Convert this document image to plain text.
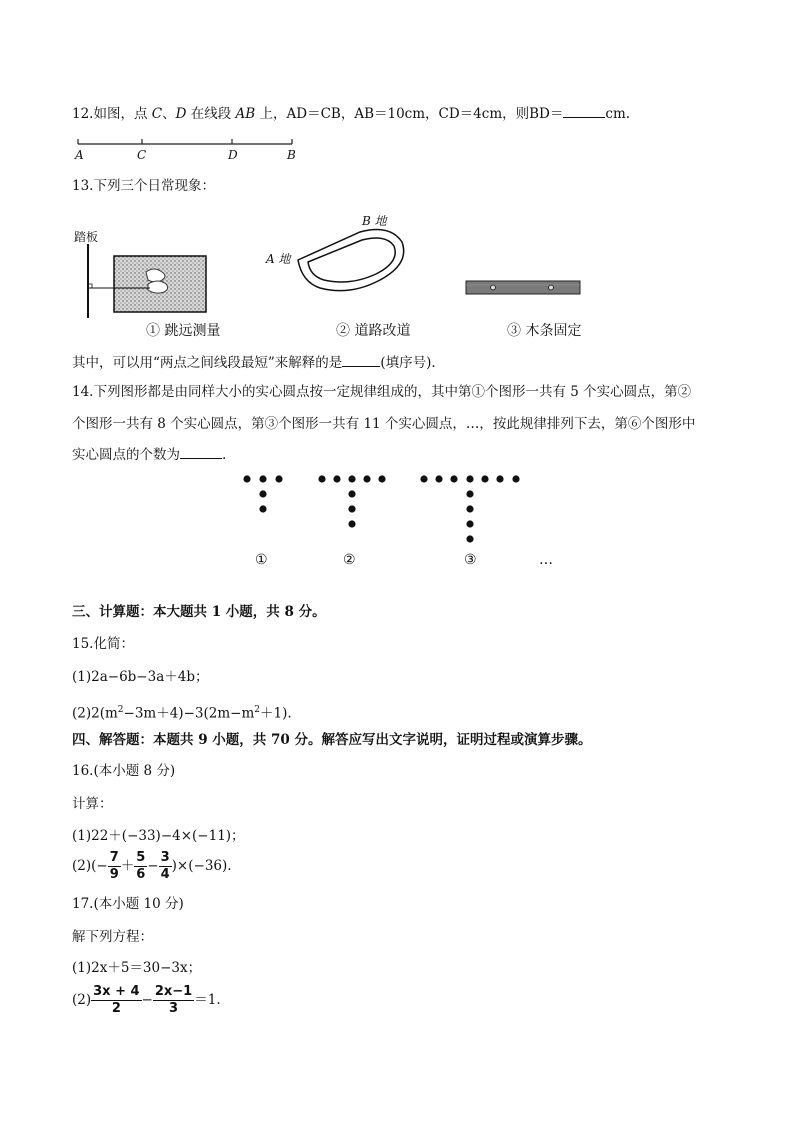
12.如图，点 C、D 在线段 AB 上，AD＝CB，AB＝10cm，CD＝4cm，则BD＝	cm.
A	C	D	B
13.下列三个日常现象：
踏板
A 地
B 地
① 跳远测量	② 道路改道	③ 木条固定
其中，可以用“两点之间线段最短”来解释的是	(填序号).
14.下列图形都是由同样大小的实心圆点按一定规律组成的，其中第①个图形一共有 5 个实心圆点，第②
个图形一共有 8 个实心圆点，第③个图形一共有 11 个实心圆点，…，按此规律排列下去，第⑥个图形中
实心圆点的个数为	.
①	②	③	…
三、计算题：本大题共 1 小题，共 8 分。
15.化简：
(1)2a−6b−3a＋4b；
$(2)2(m^2-3m+4)-3(2m-m^2+1)$.
四、解答题：本题共 9 小题，共 70 分。解答应写出文字说明，证明过程或演算步骤。
16.(本小题 8 分)
计算：
(1)22＋(−33)−4×(−11)；
$(2)(- \frac{7}{9} + \frac{5}{6} - \frac{3}{4} )\times(-36)$.
17.(本小题 10 分)
解下列方程：
(1)2x＋5＝30−3x；
$(2) \frac{3x + 4}{2} - \frac{2x-1}{3} =1$.
